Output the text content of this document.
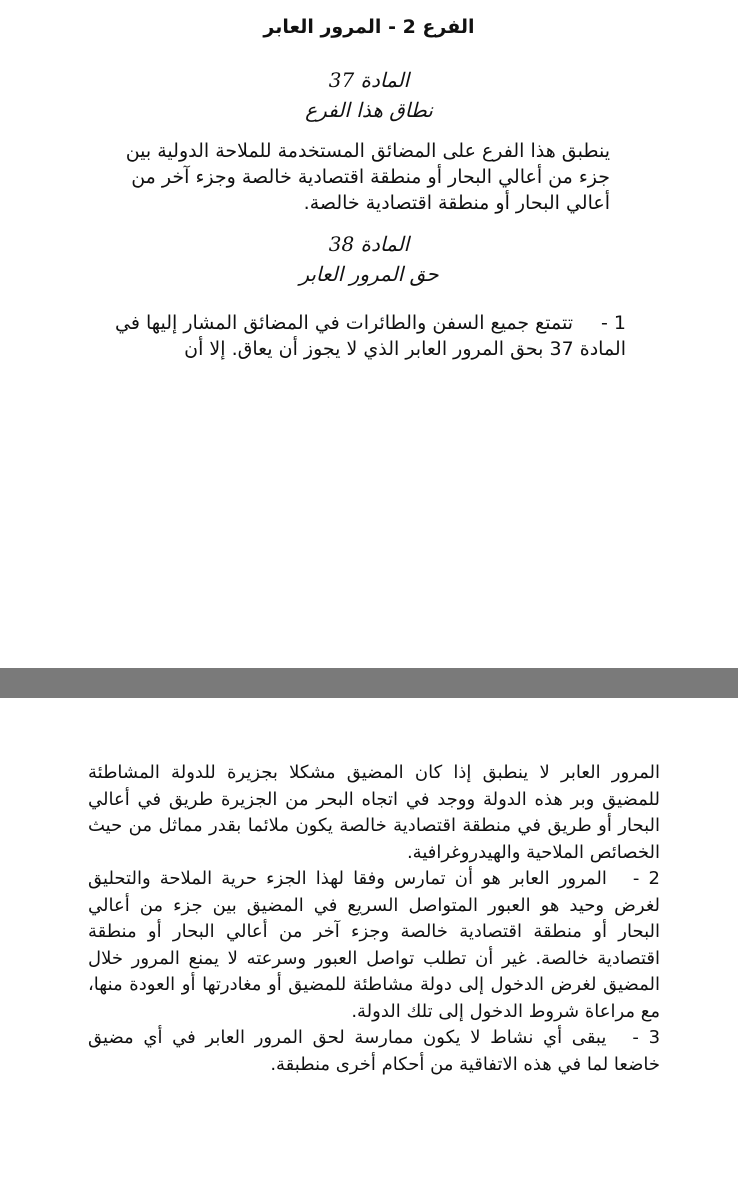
الفرع 2 - المرور العابر
المادة 37
نطاق هذا الفرع
ينطبق هذا الفرع على المضائق المستخدمة للملاحة الدولية بين جزء من أعالي البحار أو منطقة اقتصادية خالصة وجزء آخر من أعالي البحار أو منطقة اقتصادية خالصة.
المادة 38
حق المرور العابر
1 -تتمتع جميع السفن والطائرات في المضائق المشار إليها في المادة 37 بحق المرور العابر الذي لا يجوز أن يعاق. إلا أن

المرور العابر لا ينطبق إذا كان المضيق مشكلا بجزيرة للدولة المشاطئة للمضيق وبر هذه الدولة ووجد في اتجاه البحر من الجزيرة طريق في أعالي البحار أو طريق في منطقة اقتصادية خالصة يكون ملائما بقدر مماثل من حيث الخصائص الملاحية والهيدروغرافية.

2 -المرور العابر هو أن تمارس وفقا لهذا الجزء حرية الملاحة والتحليق لغرض وحيد هو العبور المتواصل السريع في المضيق بين جزء من أعالي البحار أو منطقة اقتصادية خالصة وجزء آخر من أعالي البحار أو منطقة اقتصادية خالصة. غير أن تطلب تواصل العبور وسرعته لا يمنع المرور خلال المضيق لغرض الدخول إلى دولة مشاطئة للمضيق أو مغادرتها أو العودة منها، مع مراعاة شروط الدخول إلى تلك الدولة.

3 -يبقى أي نشاط لا يكون ممارسة لحق المرور العابر في أي مضيق خاضعا لما في هذه الاتفاقية من أحكام أخرى منطبقة.
